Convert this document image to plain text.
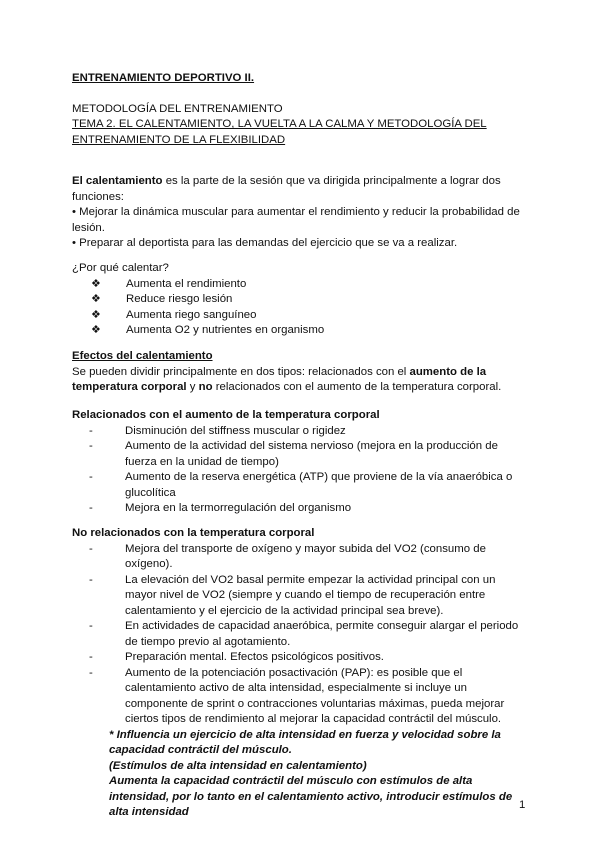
ENTRENAMIENTO DEPORTIVO II.
METODOLOGÍA DEL ENTRENAMIENTO
TEMA 2. EL CALENTAMIENTO, LA VUELTA A LA CALMA Y METODOLOGÍA DEL ENTRENAMIENTO DE LA FLEXIBILIDAD

El calentamiento es la parte de la sesión que va dirigida principalmente a lograr dos funciones:

• Mejorar la dinámica muscular para aumentar el rendimiento y reducir la probabilidad de lesión.

• Preparar al deportista para las demandas del ejercicio que se va a realizar.

¿Por qué calentar?

❖ Aumenta el rendimiento
❖ Reduce riesgo lesión
❖ Aumenta riego sanguíneo
❖ Aumenta O2 y nutrientes en organismo
Efectos del calentamiento

Se pueden dividir principalmente en dos tipos: relacionados con el aumento de la temperatura corporal y no relacionados con el aumento de la temperatura corporal.

Relacionados con el aumento de la temperatura corporal
-	Disminución del stiffness muscular o rigidez
-	Aumento de la actividad del sistema nervioso (mejora en la producción de fuerza en la unidad de tiempo)
-	Aumento de la reserva energética (ATP) que proviene de la vía anaeróbica o glucolítica
-	Mejora en la termorregulación del organismo
No relacionados con la temperatura corporal
-	Mejora del transporte de oxígeno y mayor subida del VO2 (consumo de oxígeno).
-	La elevación del VO2 basal permite empezar la actividad principal con un mayor nivel de VO2 (siempre y cuando el tiempo de recuperación entre calentamiento y el ejercicio de la actividad principal sea breve).
-	En actividades de capacidad anaeróbica, permite conseguir alargar el periodo de tiempo previo al agotamiento.
-	Preparación mental. Efectos psicológicos positivos.
-	Aumento de la potenciación posactivación (PAP): es posible que el calentamiento activo de alta intensidad, especialmente si incluye un componente de sprint o contracciones voluntarias máximas, pueda mejorar ciertos tipos de rendimiento al mejorar la capacidad contráctil del músculo.

* Influencia un ejercicio de alta intensidad en fuerza y velocidad sobre la capacidad contráctil del músculo.

(Estímulos de alta intensidad en calentamiento)

Aumenta la capacidad contráctil del músculo con estímulos de alta intensidad, por lo tanto en el calentamiento activo, introducir estímulos de alta intensidad

1
